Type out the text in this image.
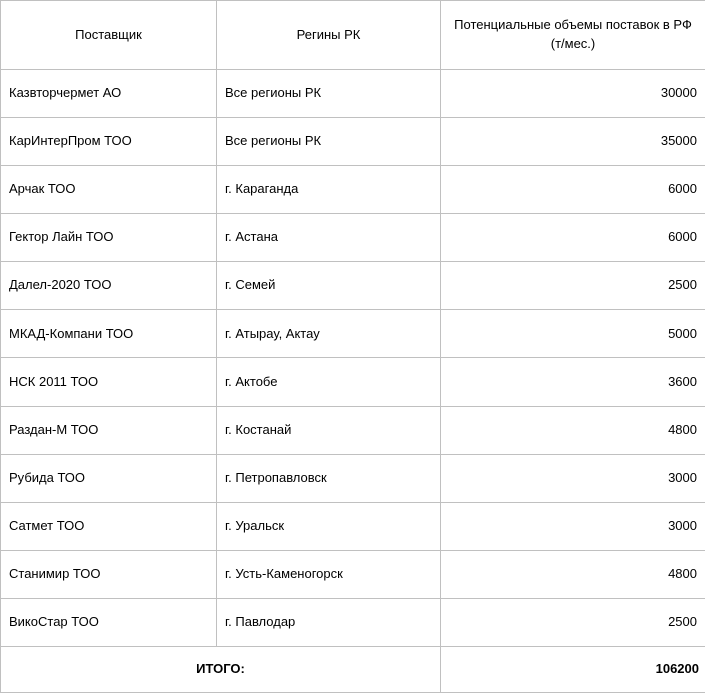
Поставщик	Регины РК	Потенциальные объемы поставок в РФ (т/мес.)
Казвторчермет АО	Все регионы РК	30000
КарИнтерПром ТОО	Все регионы РК	35000
Арчак ТОО	г. Караганда	6000
Гектор Лайн ТОО	г. Астана	6000
Далел-2020 ТОО	г. Семей	2500
МКАД-Компани ТОО	г. Атырау, Актау	5000
НСК 2011 ТОО	г. Актобе	3600
Раздан-М ТОО	г. Костанай	4800
Рубида ТОО	г. Петропавловск	3000
Сатмет ТОО	г. Уральск	3000
Станимир ТОО	г. Усть-Каменогорск	4800
ВикоСтар ТОО	г. Павлодар	2500
ИТОГО:		106200
